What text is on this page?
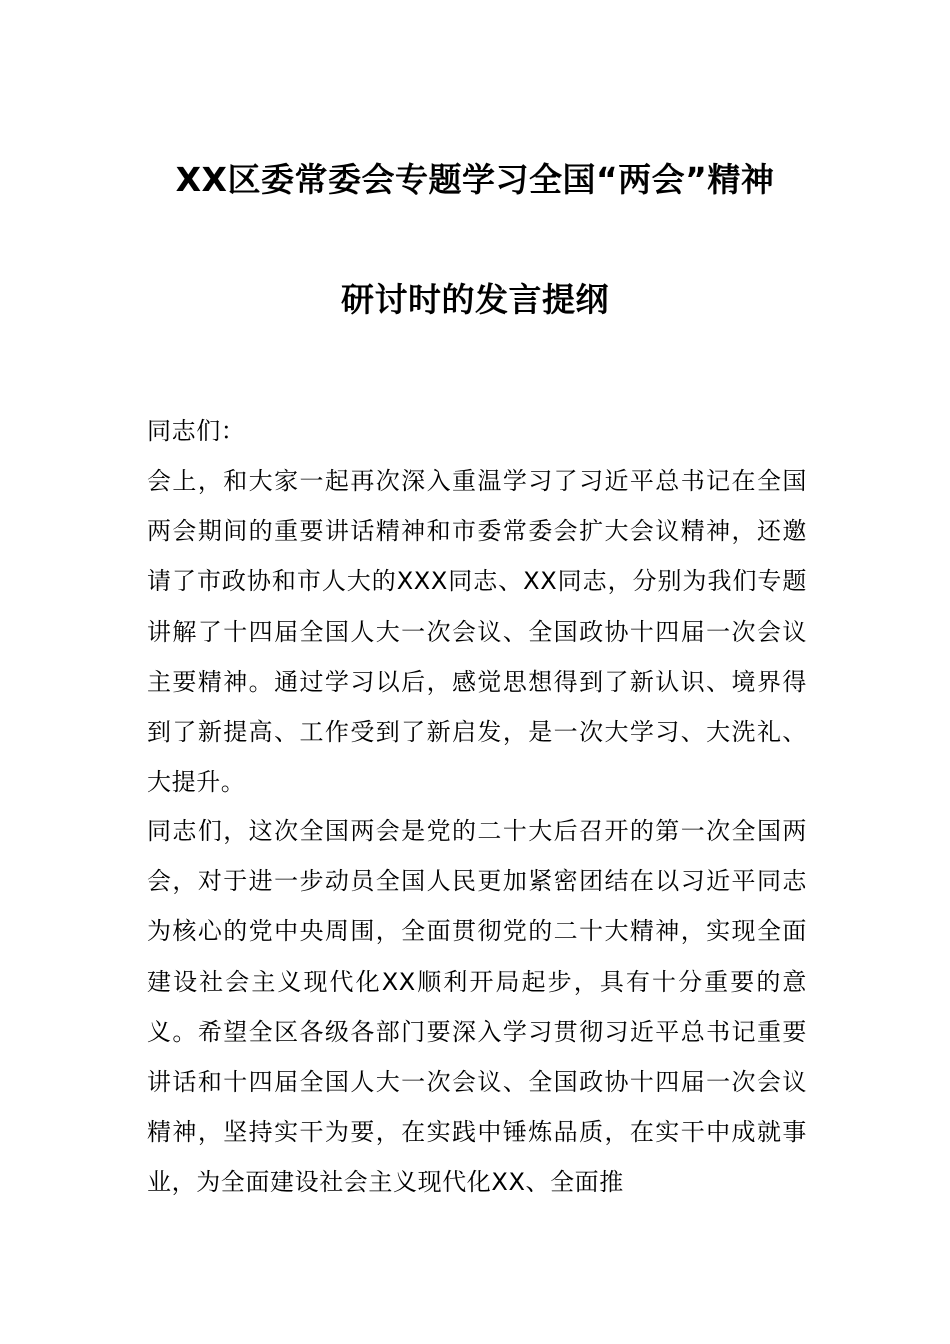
XX区委常委会专题学习全国“两会”精神
研讨时的发言提纲
同志们：

会上，和大家一起再次深入重温学习了习近平总书记在全国两会期间的重要讲话精神和市委常委会扩大会议精神，还邀请了市政协和市人大的XXX同志、XX同志，分别为我们专题讲解了十四届全国人大一次会议、全国政协十四届一次会议主要精神。通过学习以后，感觉思想得到了新认识、境界得到了新提高、工作受到了新启发，是一次大学习、大洗礼、大提升。

同志们，这次全国两会是党的二十大后召开的第一次全国两会，对于进一步动员全国人民更加紧密团结在以习近平同志为核心的党中央周围，全面贯彻党的二十大精神，实现全面建设社会主义现代化XX顺利开局起步，具有十分重要的意义。希望全区各级各部门要深入学习贯彻习近平总书记重要讲话和十四届全国人大一次会议、全国政协十四届一次会议精神，坚持实干为要，在实践中锤炼品质，在实干中成就事业，为全面建设社会主义现代化XX、全面推
